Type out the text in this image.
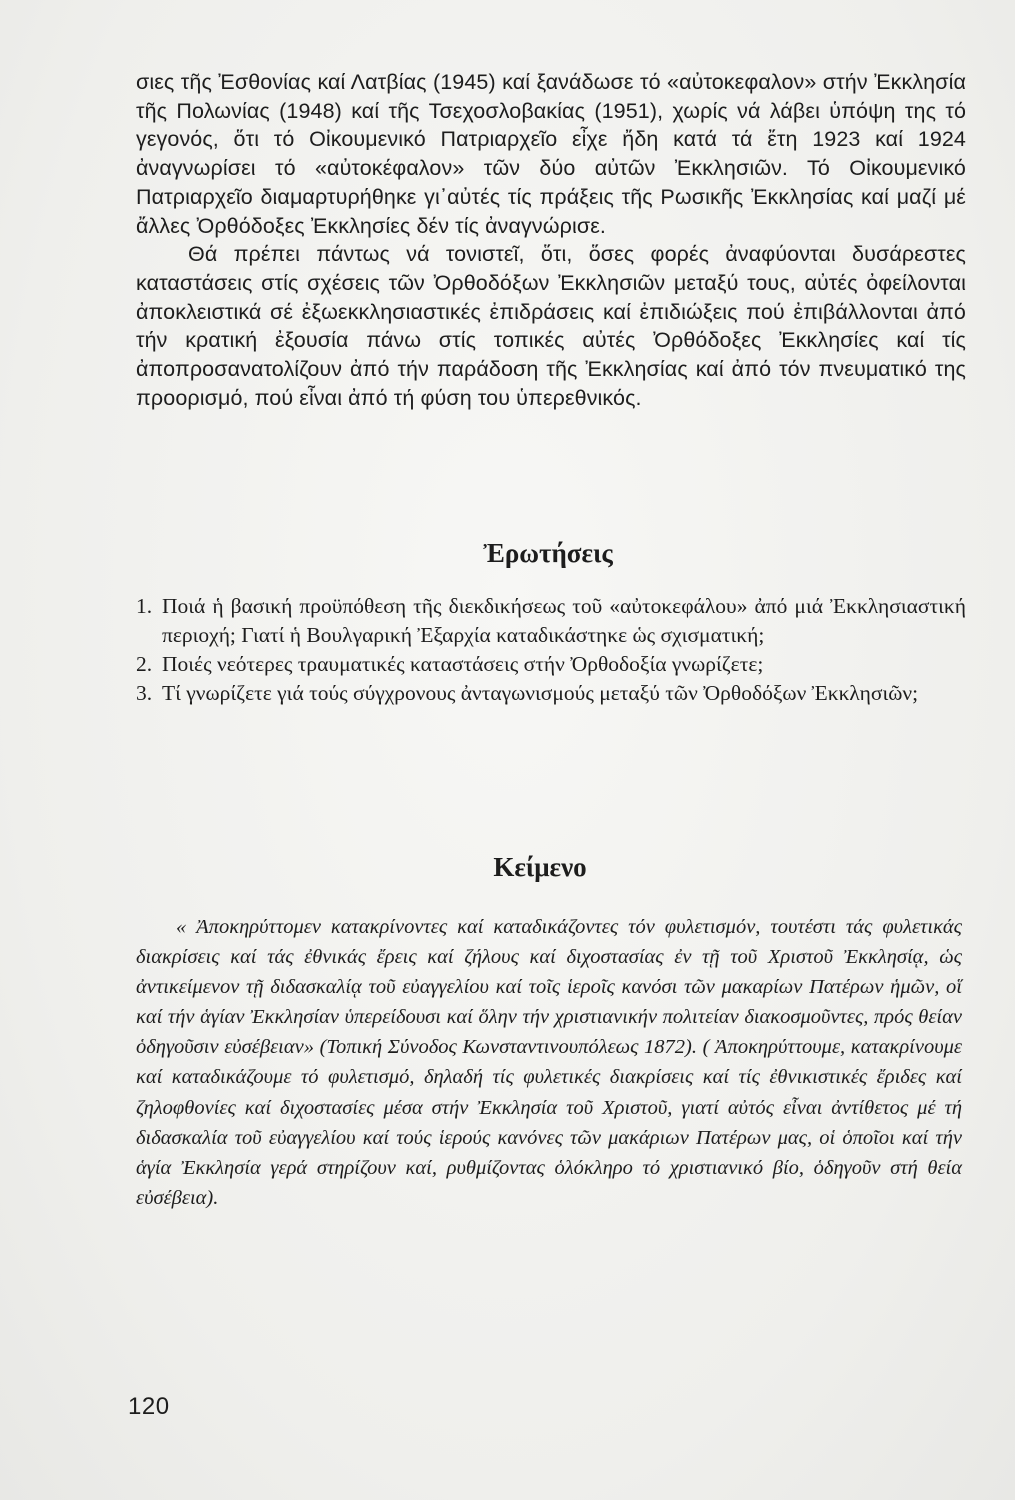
σιες τῆς Ἐσθονίας καί Λατβίας (1945) καί ξανάδωσε τό «αὐτοκεφαλον» στήν Ἐκκλησία τῆς Πολωνίας (1948) καί τῆς Τσεχοσλοβακίας (1951), χωρίς νά λάβει ὑπόψη της τό γεγονός, ὅτι τό Οἰκουμενικό Πατριαρχεῖο εἶχε ἤδη κατά τά ἔτη 1923 καί 1924 ἀναγνωρίσει τό «αὐτοκέφαλον» τῶν δύο αὐτῶν Ἐκκλησιῶν. Τό Οἰκουμενικό Πατριαρχεῖο διαμαρτυρήθηκε γι᾽αὐτές τίς πράξεις τῆς Ρωσικῆς Ἐκκλησίας καί μαζί μέ ἄλλες Ὀρθόδοξες Ἐκκλησίες δέν τίς ἀναγνώρισε.

Θά πρέπει πάντως νά τονιστεῖ, ὅτι, ὅσες φορές ἀναφύονται δυσάρεστες καταστάσεις στίς σχέσεις τῶν Ὀρθοδόξων Ἐκκλησιῶν μεταξύ τους, αὐτές ὀφείλονται ἀποκλειστικά σέ ἐξωεκκλησιαστικές ἐπιδράσεις καί ἐπιδιώξεις πού ἐπιβάλλονται ἀπό τήν κρατική ἐξουσία πάνω στίς τοπικές αὐτές Ὀρθόδοξες Ἐκκλησίες καί τίς ἀποπροσανατολίζουν ἀπό τήν παράδοση τῆς Ἐκκλησίας καί ἀπό τόν πνευματικό της προορισμό, πού εἶναι ἀπό τή φύση του ὑπερεθνικός.

Ἐρωτήσεις
1. Ποιά ἡ βασική προϋπόθεση τῆς διεκδικήσεως τοῦ «αὐτοκεφάλου» ἀπό μιά Ἐκκλησιαστική περιοχή; Γιατί ἡ Βουλγαρική Ἐξαρχία καταδικάστηκε ὡς σχισματική;
2. Ποιές νεότερες τραυματικές καταστάσεις στήν Ὀρθοδοξία γνωρίζετε;
3. Τί γνωρίζετε γιά τούς σύγχρονους ἀνταγωνισμούς μεταξύ τῶν Ὀρθοδόξων Ἐκκλησιῶν;
Κείμενο

« Ἀποκηρύττομεν κατακρίνοντες καί καταδικάζοντες τόν φυλετισμόν, τουτέστι τάς φυλετικάς διακρίσεις καί τάς ἐθνικάς ἔρεις καί ζήλους καί διχοστασίας ἐν τῇ τοῦ Χριστοῦ Ἐκκλησίᾳ, ὡς ἀντικείμενον τῇ διδασκαλίᾳ τοῦ εὐαγγελίου καί τοῖς ἱεροῖς κανόσι τῶν μακαρίων Πατέρων ἡμῶν, οἵ καί τήν ἁγίαν Ἐκκλησίαν ὑπερείδουσι καί ὅλην τήν χριστιανικήν πολιτείαν διακοσμοῦντες, πρός θείαν ὁδηγοῦσιν εὐσέβειαν» (Τοπική Σύνοδος Κωνσταντινουπόλεως 1872). ( Ἀποκηρύττουμε, κατακρίνουμε καί καταδικάζουμε τό φυλετισμό, δηλαδή τίς φυλετικές διακρίσεις καί τίς ἐθνικιστικές ἔριδες καί ζηλοφθονίες καί διχοστασίες μέσα στήν Ἐκκλησία τοῦ Χριστοῦ, γιατί αὐτός εἶναι ἀντίθετος μέ τή διδασκαλία τοῦ εὐαγγελίου καί τούς ἱερούς κανόνες τῶν μακάριων Πατέρων μας, οἱ ὁποῖοι καί τήν ἁγία Ἐκκλησία γερά στηρίζουν καί, ρυθμίζοντας ὁλόκληρο τό χριστιανικό βίο, ὁδηγοῦν στή θεία εὐσέβεια).

120
